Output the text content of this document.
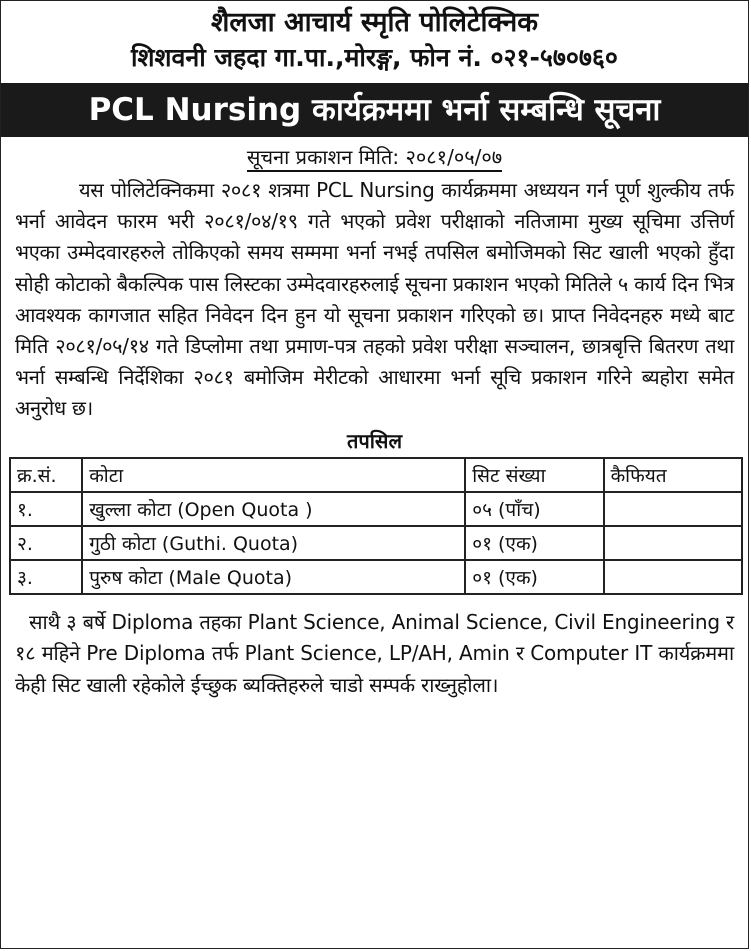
शैलजा आचार्य स्मृति पोलिटेक्निक
शिशवनी जहदा गा.पा.,मोरङ्ग, फोन नं. ०२१-५७०७६०
PCL Nursing कार्यक्रममा भर्ना सम्बन्धि सूचना
सूचना प्रकाशन मिति: २०८१/०५/०७

यस पोलिटेक्निकमा २०८१ शत्रमा PCL Nursing कार्यक्रममा अध्ययन गर्न पूर्ण शुल्कीय तर्फ भर्ना आवेदन फारम भरी २०८१/०४/१९ गते भएको प्रवेश परीक्षाको नतिजामा मुख्य सूचिमा उत्तिर्ण भएका उम्मेदवारहरुले तोकिएको समय सम्ममा भर्ना नभई तपसिल बमोजिमको सिट खाली भएको हुँदा सोही कोटाको बैकल्पिक पास लिस्टका उम्मेदवारहरुलाई सूचना प्रकाशन भएको मितिले ५ कार्य दिन भित्र आवश्यक कागजात सहित निवेदन दिन हुन यो सूचना प्रकाशन गरिएको छ। प्राप्त निवेदनहरु मध्ये बाट मिति २०८१/०५/१४ गते डिप्लोमा तथा प्रमाण-पत्र तहको प्रवेश परीक्षा सञ्चालन, छात्रबृत्ति बितरण तथा भर्ना सम्बन्धि निर्देशिका २०८१ बमोजिम मेरीटको आधारमा भर्ना सूचि प्रकाशन गरिने ब्यहोरा समेत अनुरोध छ।

तपसिल
क्र.सं.	कोटा	सिट संख्या	कैफियत
१.	खुल्ला कोटा (Open Quota )	०५ (पाँच)	
२.	गुठी कोटा (Guthi. Quota)	०१ (एक)	
३.	पुरुष कोटा (Male Quota)	०१ (एक)	

साथै ३ बर्षे Diploma तहका Plant Science, Animal Science, Civil Engineering र १८ महिने Pre Diploma तर्फ Plant Science, LP/AH, Amin र Computer IT कार्यक्रममा केही सिट खाली रहेकोले ईच्छुक ब्यक्तिहरुले चाडो सम्पर्क राख्नुहोला।
